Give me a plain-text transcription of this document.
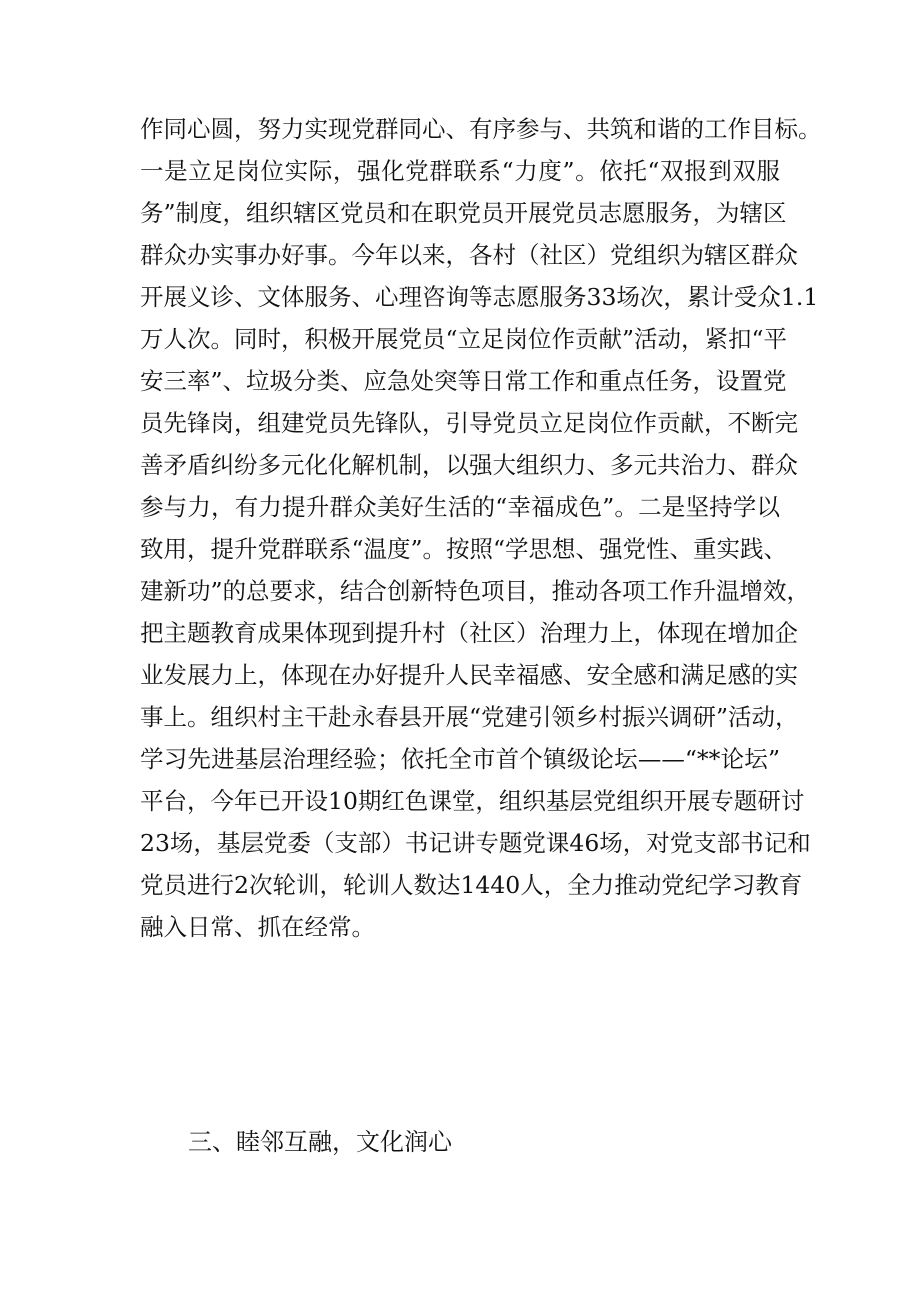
作同心圆，努力实现党群同心、有序参与、共筑和谐的工作目标。
一是立足岗位实际，强化党群联系“力度”。依托“双报到双服
务”制度，组织辖区党员和在职党员开展党员志愿服务，为辖区
群众办实事办好事。今年以来，各村（社区）党组织为辖区群众
开展义诊、文体服务、心理咨询等志愿服务33场次，累计受众1.1
万人次。同时，积极开展党员“立足岗位作贡献”活动，紧扣“平
安三率”、垃圾分类、应急处突等日常工作和重点任务，设置党
员先锋岗，组建党员先锋队，引导党员立足岗位作贡献，不断完
善矛盾纠纷多元化化解机制，以强大组织力、多元共治力、群众
参与力，有力提升群众美好生活的“幸福成色”。二是坚持学以
致用，提升党群联系“温度”。按照“学思想、强党性、重实践、
建新功”的总要求，结合创新特色项目，推动各项工作升温增效，
把主题教育成果体现到提升村（社区）治理力上，体现在增加企
业发展力上，体现在办好提升人民幸福感、安全感和满足感的实
事上。组织村主干赴永春县开展“党建引领乡村振兴调研”活动，
学习先进基层治理经验；依托全市首个镇级论坛——“**论坛”
平台，今年已开设10期红色课堂，组织基层党组织开展专题研讨
23场，基层党委（支部）书记讲专题党课46场，对党支部书记和
党员进行2次轮训，轮训人数达1440人，全力推动党纪学习教育
融入日常、抓在经常。
三、睦邻互融，文化润心
